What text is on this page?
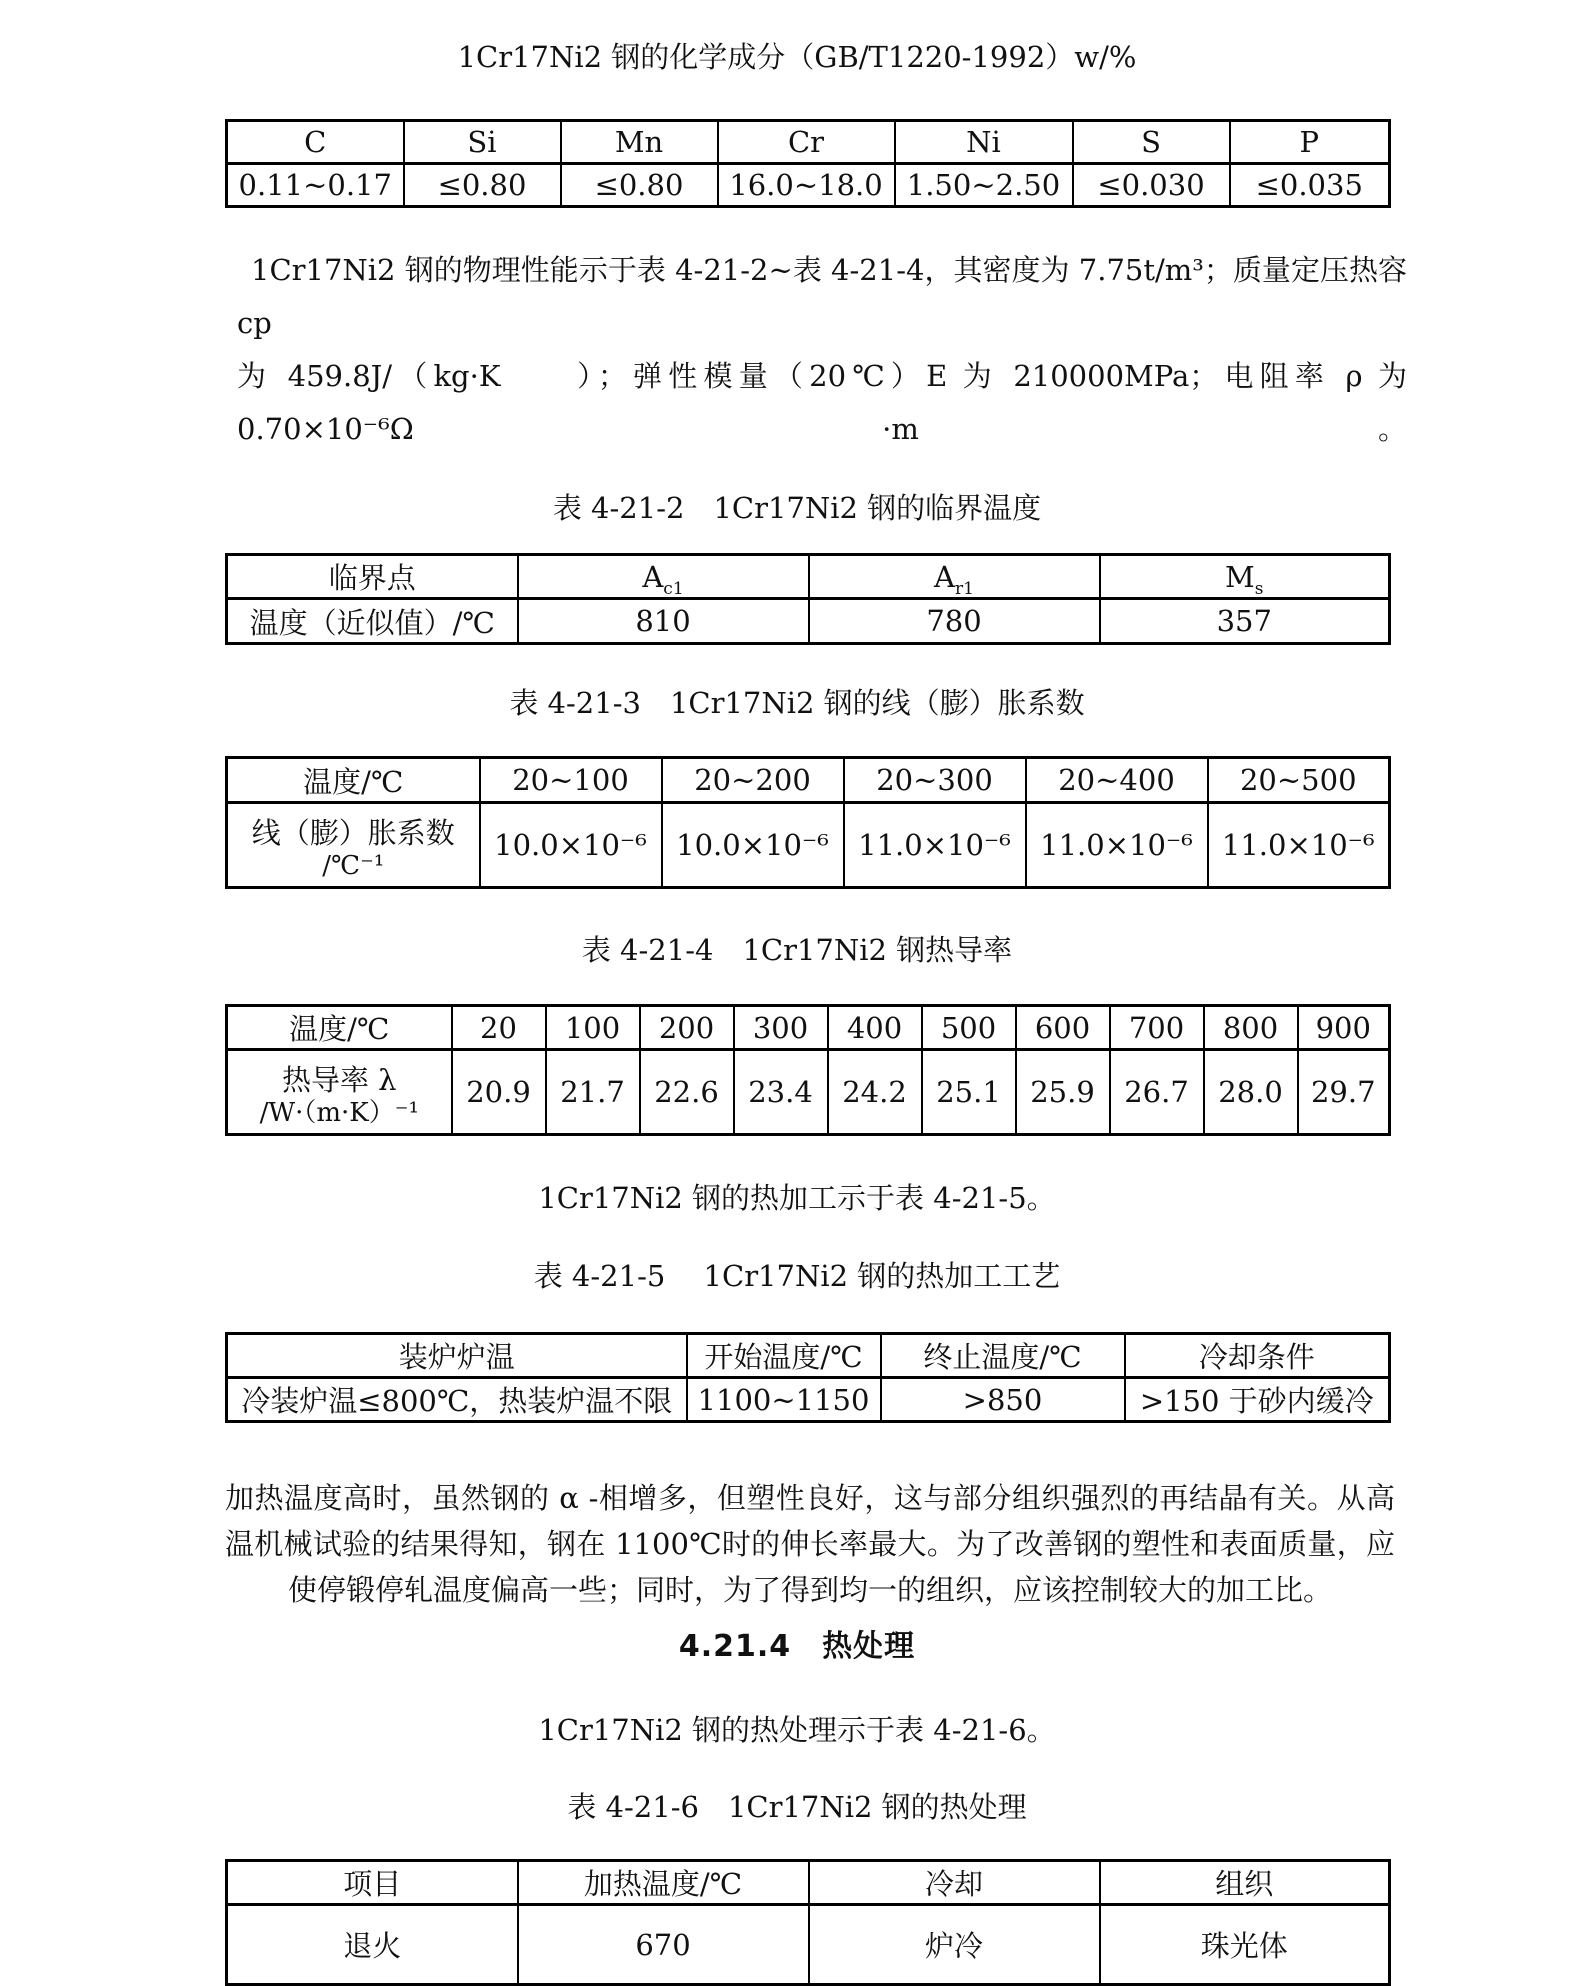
1Cr17Ni2 钢的化学成分（GB/T1220-1992）w/%
C	Si	Mn	Cr	Ni	S	P
0.11~0.17	≤0.80	≤0.80	16.0~18.0	1.50~2.50	≤0.030	≤0.035
1Cr17Ni2 钢的物理性能示于表 4-21-2~表 4-21-4，其密度为 7.75t/m³；质量定压热容 cp
为 459.8J/（kg·K　　）；弹性模量（20℃）E 为 210000MPa；电阻率 ρ 为 0.70×10⁻⁶Ω ·m。
表 4-21-2　1Cr17Ni2 钢的临界温度
临界点	$A_{c1}$	$A_{r1}$	$M_s$
温度（近似值）/℃	810	780	357
表 4-21-3　1Cr17Ni2 钢的线（膨）胀系数
温度/℃	20~100	20~200	20~300	20~400	20~500

线（膨）胀系数
/℃⁻¹	10.0×10⁻⁶	10.0×10⁻⁶	11.0×10⁻⁶	11.0×10⁻⁶	11.0×10⁻⁶
表 4-21-4　1Cr17Ni2 钢热导率
温度/℃	20	100	200	300	400	500	600	700	800	900

热导率 λ
/W·（m·K）⁻¹	20.9	21.7	22.6	23.4	24.2	25.1	25.9	26.7	28.0	29.7
1Cr17Ni2 钢的热加工示于表 4-21-5。
表 4-21-5　 1Cr17Ni2 钢的热加工工艺
装炉炉温	开始温度/℃	终止温度/℃	冷却条件
冷装炉温≤800℃，热装炉温不限	1100~1150	>850	>150 于砂内缓冷
加热温度高时，虽然钢的 α -相增多，但塑性良好，这与部分组织强烈的再结晶有关。从高
温机械试验的结果得知，钢在 1100℃时的伸长率最大。为了改善钢的塑性和表面质量，应
使停锻停轧温度偏高一些；同时，为了得到均一的组织，应该控制较大的加工比。
4.21.4　热处理
1Cr17Ni2 钢的热处理示于表 4-21-6。
表 4-21-6　1Cr17Ni2 钢的热处理
项目	加热温度/℃	冷却	组织
退火	670	炉冷	珠光体
